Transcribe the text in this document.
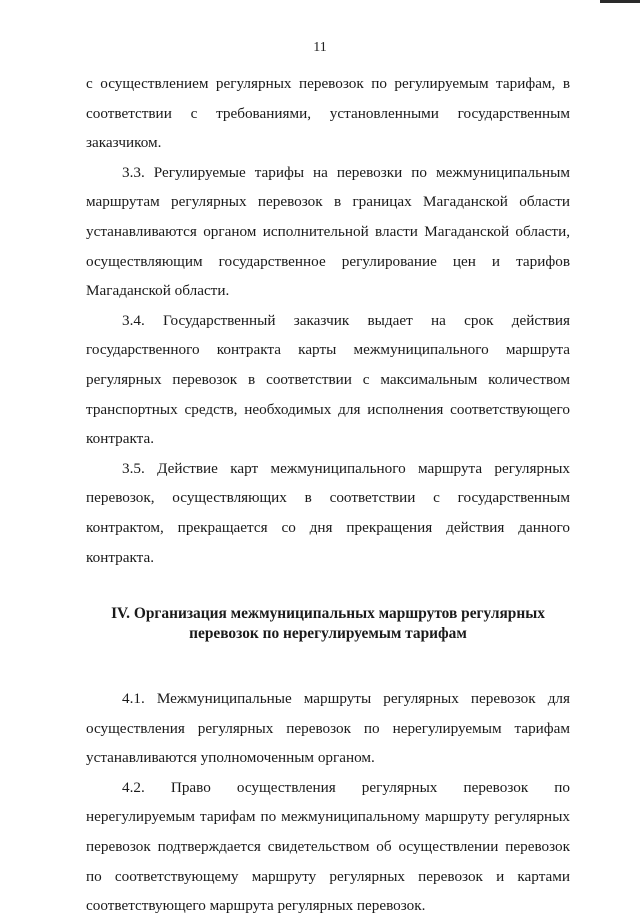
11

с осуществлением регулярных перевозок по регулируемым тарифам, в соответствии с требованиями, установленными государственным заказчиком.

3.3. Регулируемые тарифы на перевозки по межмуниципальным маршрутам регулярных перевозок в границах Магаданской области устанавливаются органом исполнительной власти Магаданской области, осуществляющим государственное регулирование цен и тарифов Магаданской области.

3.4. Государственный заказчик выдает на срок действия государственного контракта карты межмуниципального маршрута регулярных перевозок в соответствии с максимальным количеством транспортных средств, необходимых для исполнения соответствующего контракта.

3.5. Действие карт межмуниципального маршрута регулярных перевозок, осуществляющих в соответствии с государственным контрактом, прекращается со дня прекращения действия данного контракта.

IV. Организация межмуниципальных маршрутов регулярных
перевозок по нерегулируемым тарифам

4.1. Межмуниципальные маршруты регулярных перевозок для осуществления регулярных перевозок по нерегулируемым тарифам устанавливаются уполномоченным органом.

4.2. Право осуществления регулярных перевозок по нерегулируемым тарифам по межмуниципальному маршруту регулярных перевозок подтверждается свидетельством об осуществлении перевозок по соответствующему маршруту регулярных перевозок и картами соответствующего маршрута регулярных перевозок.
